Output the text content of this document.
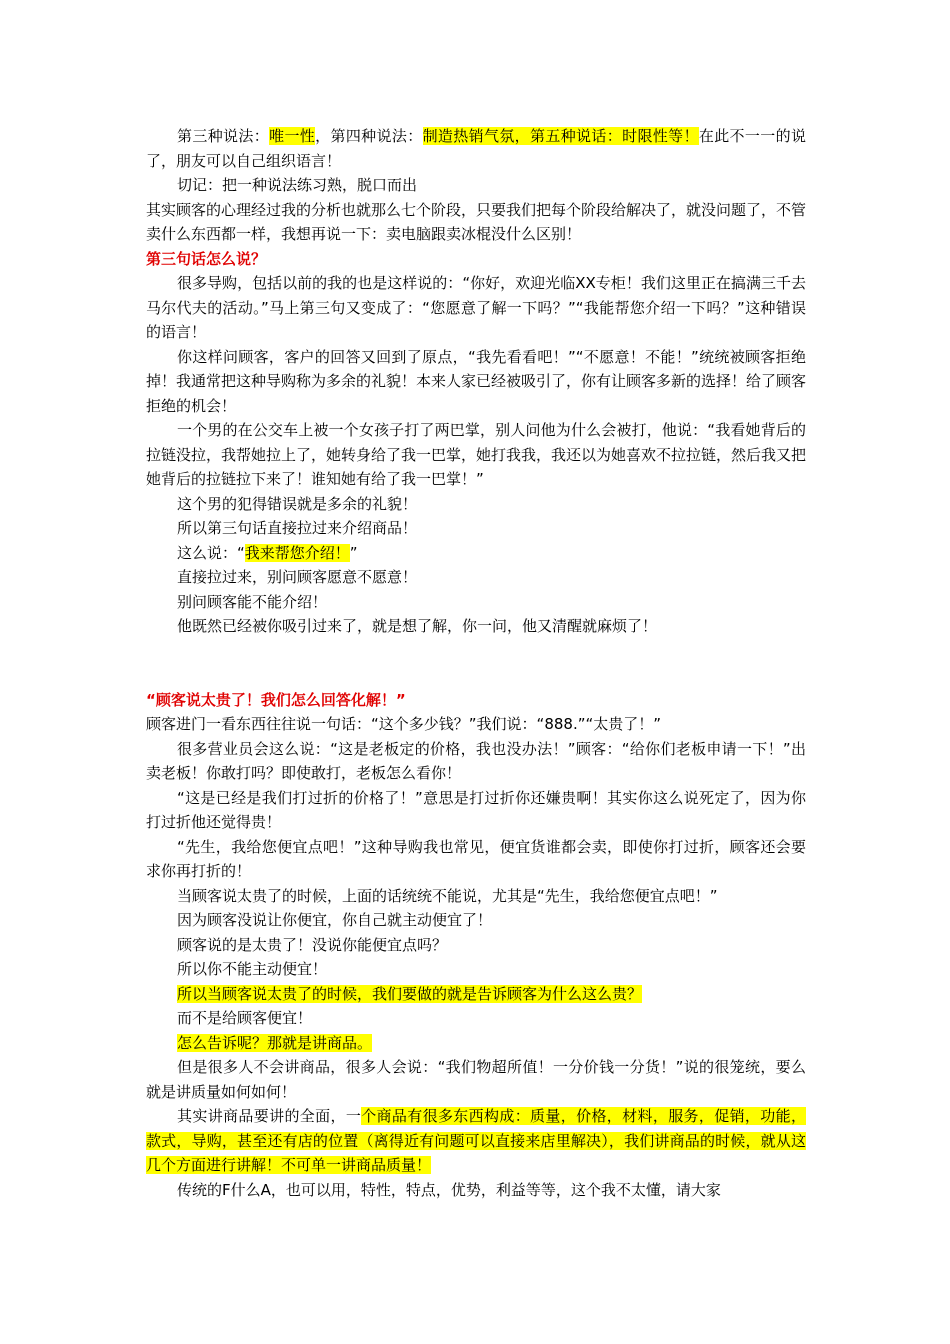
第三种说法：唯一性，第四种说法：制造热销气氛，第五种说话：时限性等！在此不一一的说了，朋友可以自己组织语言！

切记：把一种说法练习熟，脱口而出

其实顾客的心理经过我的分析也就那么七个阶段，只要我们把每个阶段给解决了，就没问题了，不管卖什么东西都一样，我想再说一下：卖电脑跟卖冰棍没什么区别！

第三句话怎么说？

很多导购，包括以前的我的也是这样说的：“你好，欢迎光临XX专柜！我们这里正在搞满三千去马尔代夫的活动。”马上第三句又变成了：“您愿意了解一下吗？”“我能帮您介绍一下吗？”这种错误的语言！

你这样问顾客，客户的回答又回到了原点，“我先看看吧！”“不愿意！不能！”统统被顾客拒绝掉！我通常把这种导购称为多余的礼貌！本来人家已经被吸引了，你有让顾客多新的选择！给了顾客拒绝的机会！

一个男的在公交车上被一个女孩子打了两巴掌，别人问他为什么会被打，他说：“我看她背后的拉链没拉，我帮她拉上了，她转身给了我一巴掌，她打我我，我还以为她喜欢不拉拉链，然后我又把她背后的拉链拉下来了！谁知她有给了我一巴掌！”

这个男的犯得错误就是多余的礼貌！

所以第三句话直接拉过来介绍商品！

这么说：“我来帮您介绍！”

直接拉过来，别问顾客愿意不愿意！

别问顾客能不能介绍！

他既然已经被你吸引过来了，就是想了解，你一问，他又清醒就麻烦了！

“顾客说太贵了！我们怎么回答化解！”

顾客进门一看东西往往说一句话：“这个多少钱？”我们说：“888.”“太贵了！”

很多营业员会这么说：“这是老板定的价格，我也没办法！”顾客：“给你们老板申请一下！”出卖老板！你敢打吗？即使敢打，老板怎么看你！

“这是已经是我们打过折的价格了！”意思是打过折你还嫌贵啊！其实你这么说死定了，因为你打过折他还觉得贵！

“先生，我给您便宜点吧！”这种导购我也常见，便宜货谁都会卖，即使你打过折，顾客还会要求你再打折的！

当顾客说太贵了的时候，上面的话统统不能说，尤其是“先生，我给您便宜点吧！”

因为顾客没说让你便宜，你自己就主动便宜了！

顾客说的是太贵了！没说你能便宜点吗？

所以你不能主动便宜！

所以当顾客说太贵了的时候，我们要做的就是告诉顾客为什么这么贵？

而不是给顾客便宜！

怎么告诉呢？那就是讲商品。

但是很多人不会讲商品，很多人会说：“我们物超所值！一分价钱一分货！”说的很笼统，要么就是讲质量如何如何！

其实讲商品要讲的全面，一个商品有很多东西构成：质量，价格，材料，服务，促销，功能，款式，导购，甚至还有店的位置（离得近有问题可以直接来店里解决），我们讲商品的时候，就从这几个方面进行讲解！不可单一讲商品质量！

传统的F什么A，也可以用，特性，特点，优势，利益等等，这个我不太懂，请大家
